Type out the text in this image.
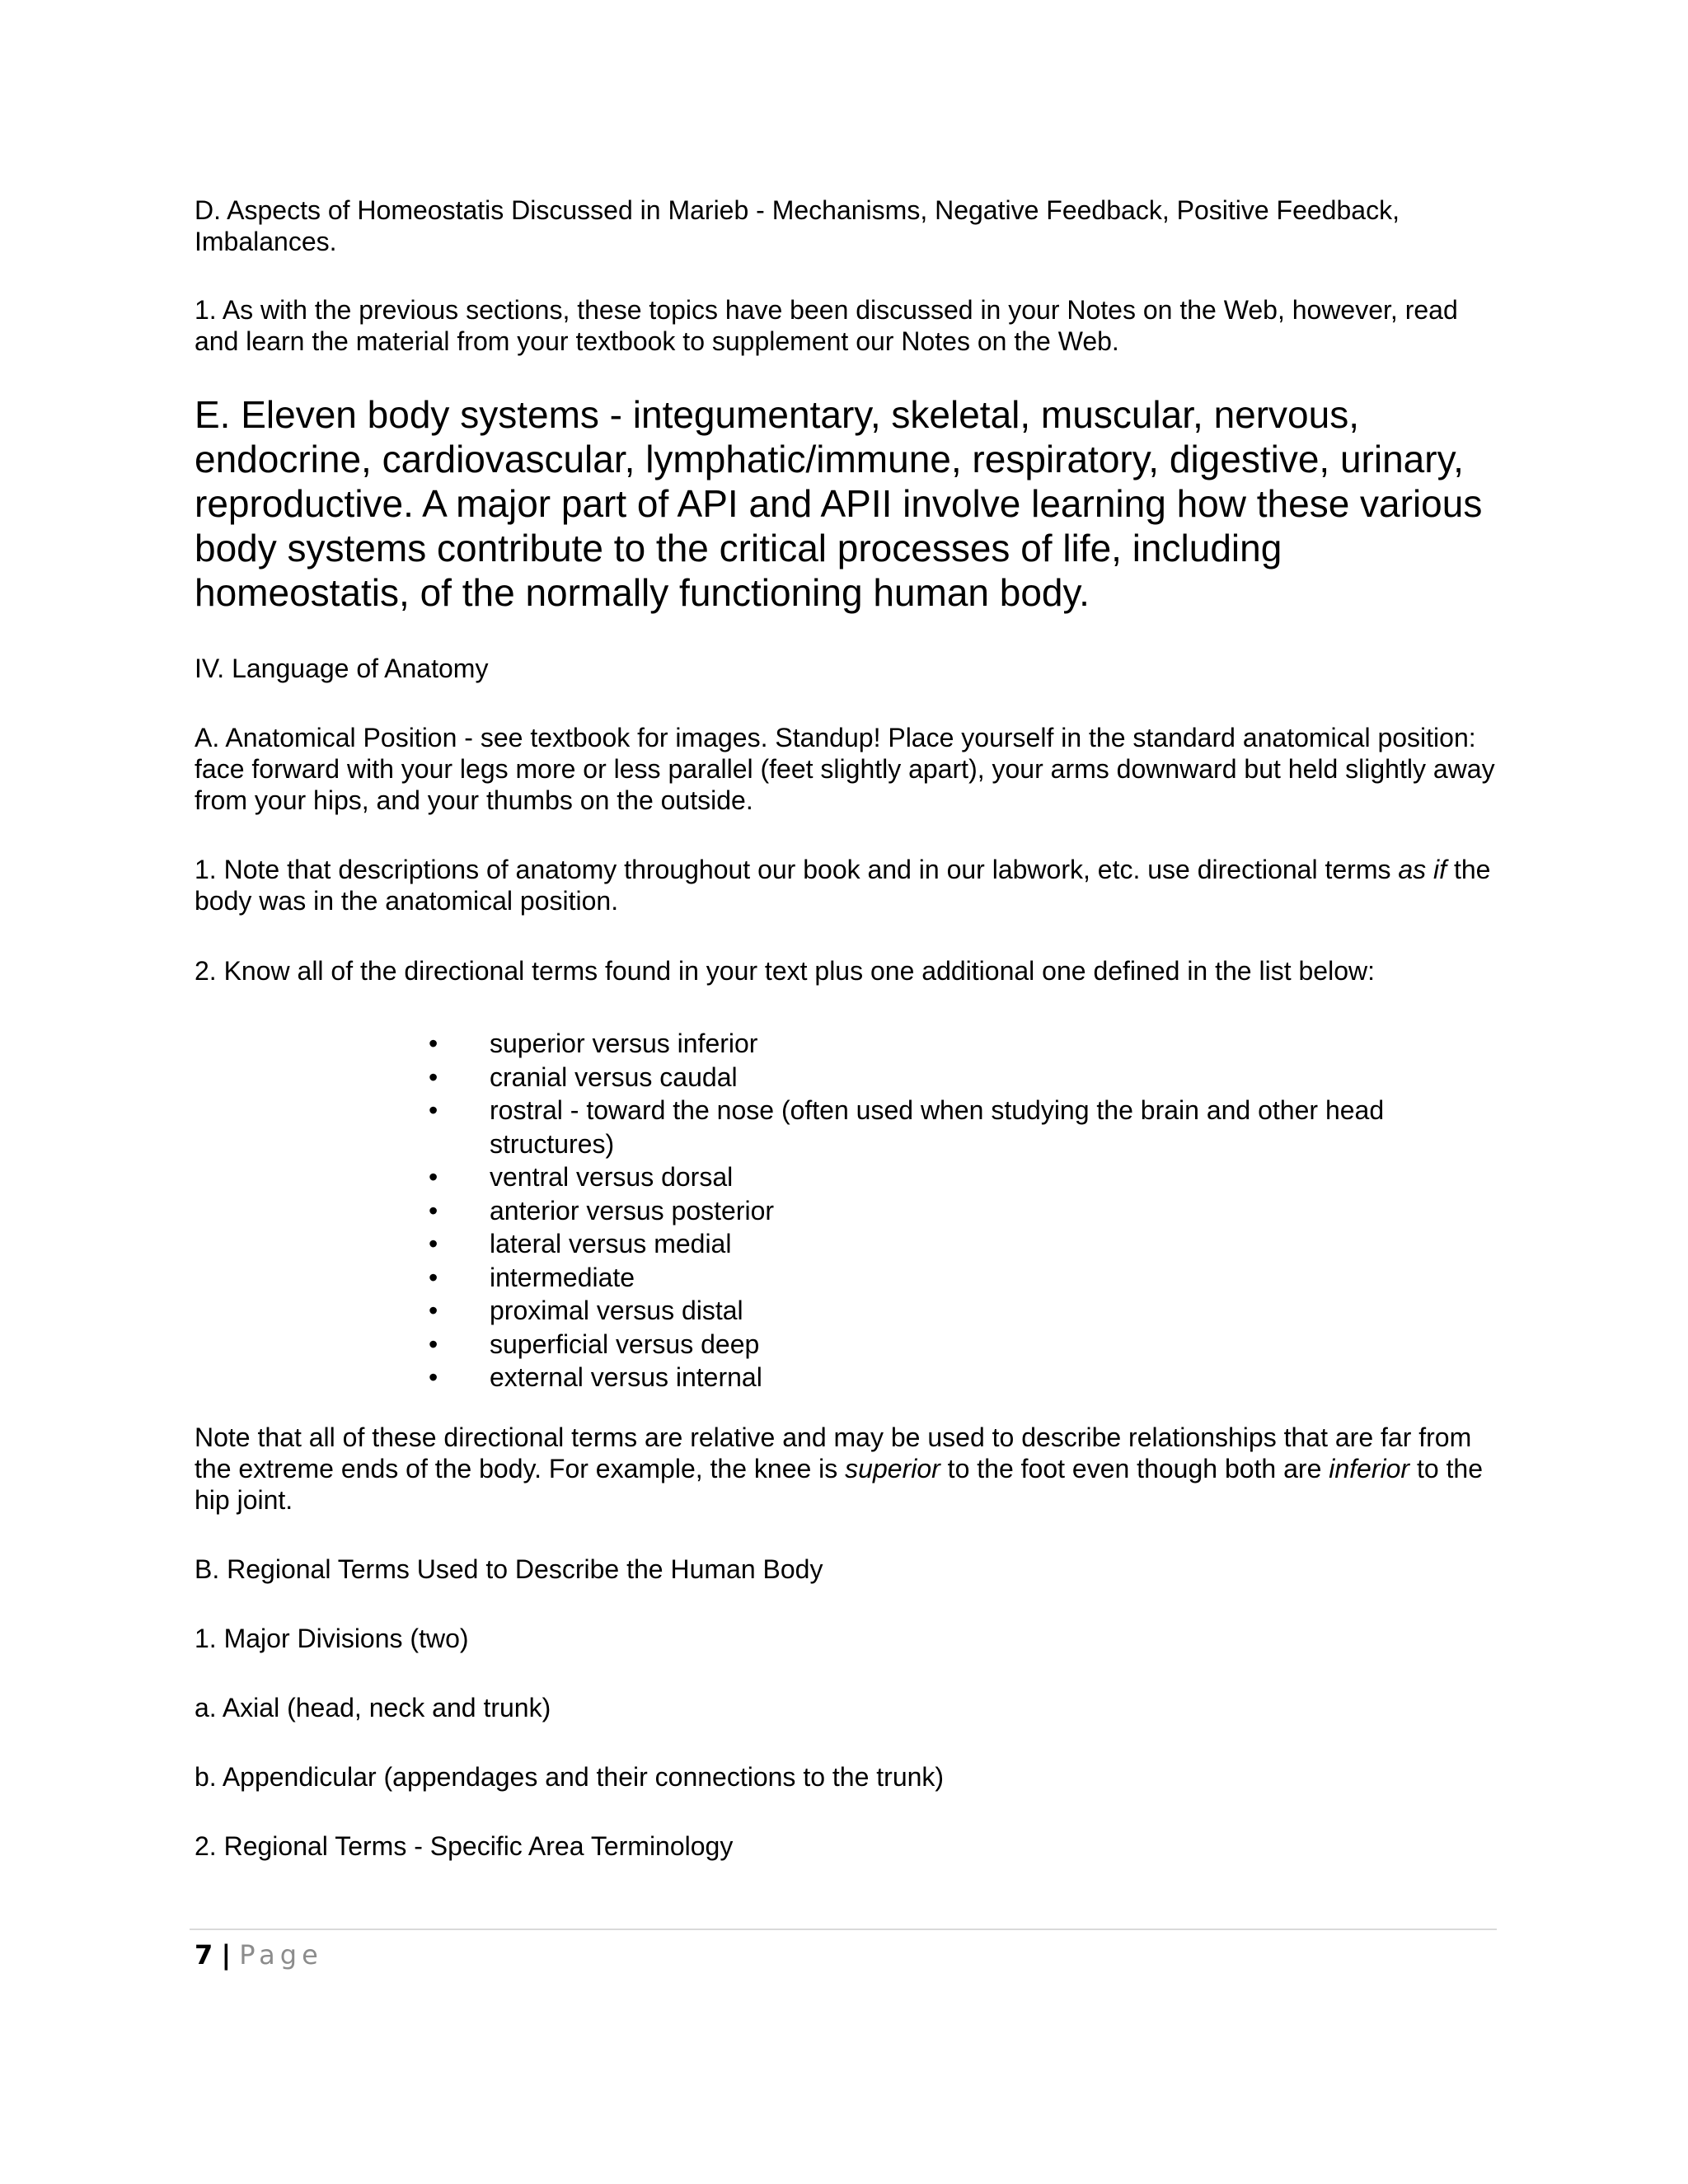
D. Aspects of Homeostatis Discussed in Marieb - Mechanisms, Negative Feedback, Positive Feedback, Imbalances.

1. As with the previous sections, these topics have been discussed in your Notes on the Web, however, read and learn the material from your textbook to supplement our Notes on the Web.

E. Eleven body systems - integumentary, skeletal, muscular, nervous, endocrine, cardiovascular, lymphatic/immune, respiratory, digestive, urinary, reproductive. A major part of API and APII involve learning how these various body systems contribute to the critical processes of life, including homeostatis, of the normally functioning human body.

IV. Language of Anatomy

A. Anatomical Position - see textbook for images. Standup! Place yourself in the standard anatomical position: face forward with your legs more or less parallel (feet slightly apart), your arms downward but held slightly away from your hips, and your thumbs on the outside.

1. Note that descriptions of anatomy throughout our book and in our labwork, etc. use directional terms as if the body was in the anatomical position.

2. Know all of the directional terms found in your text plus one additional one defined in the list below:

• superior versus inferior
• cranial versus caudal
• rostral - toward the nose (often used when studying the brain and other head structures)
• ventral versus dorsal
• anterior versus posterior
• lateral versus medial
• intermediate
• proximal versus distal
• superficial versus deep
• external versus internal

Note that all of these directional terms are relative and may be used to describe relationships that are far from the extreme ends of the body. For example, the knee is superior to the foot even though both are inferior to the hip joint.

B. Regional Terms Used to Describe the Human Body

1. Major Divisions (two)

a. Axial (head, neck and trunk)

b. Appendicular (appendages and their connections to the trunk)

2. Regional Terms - Specific Area Terminology

7 | Page
